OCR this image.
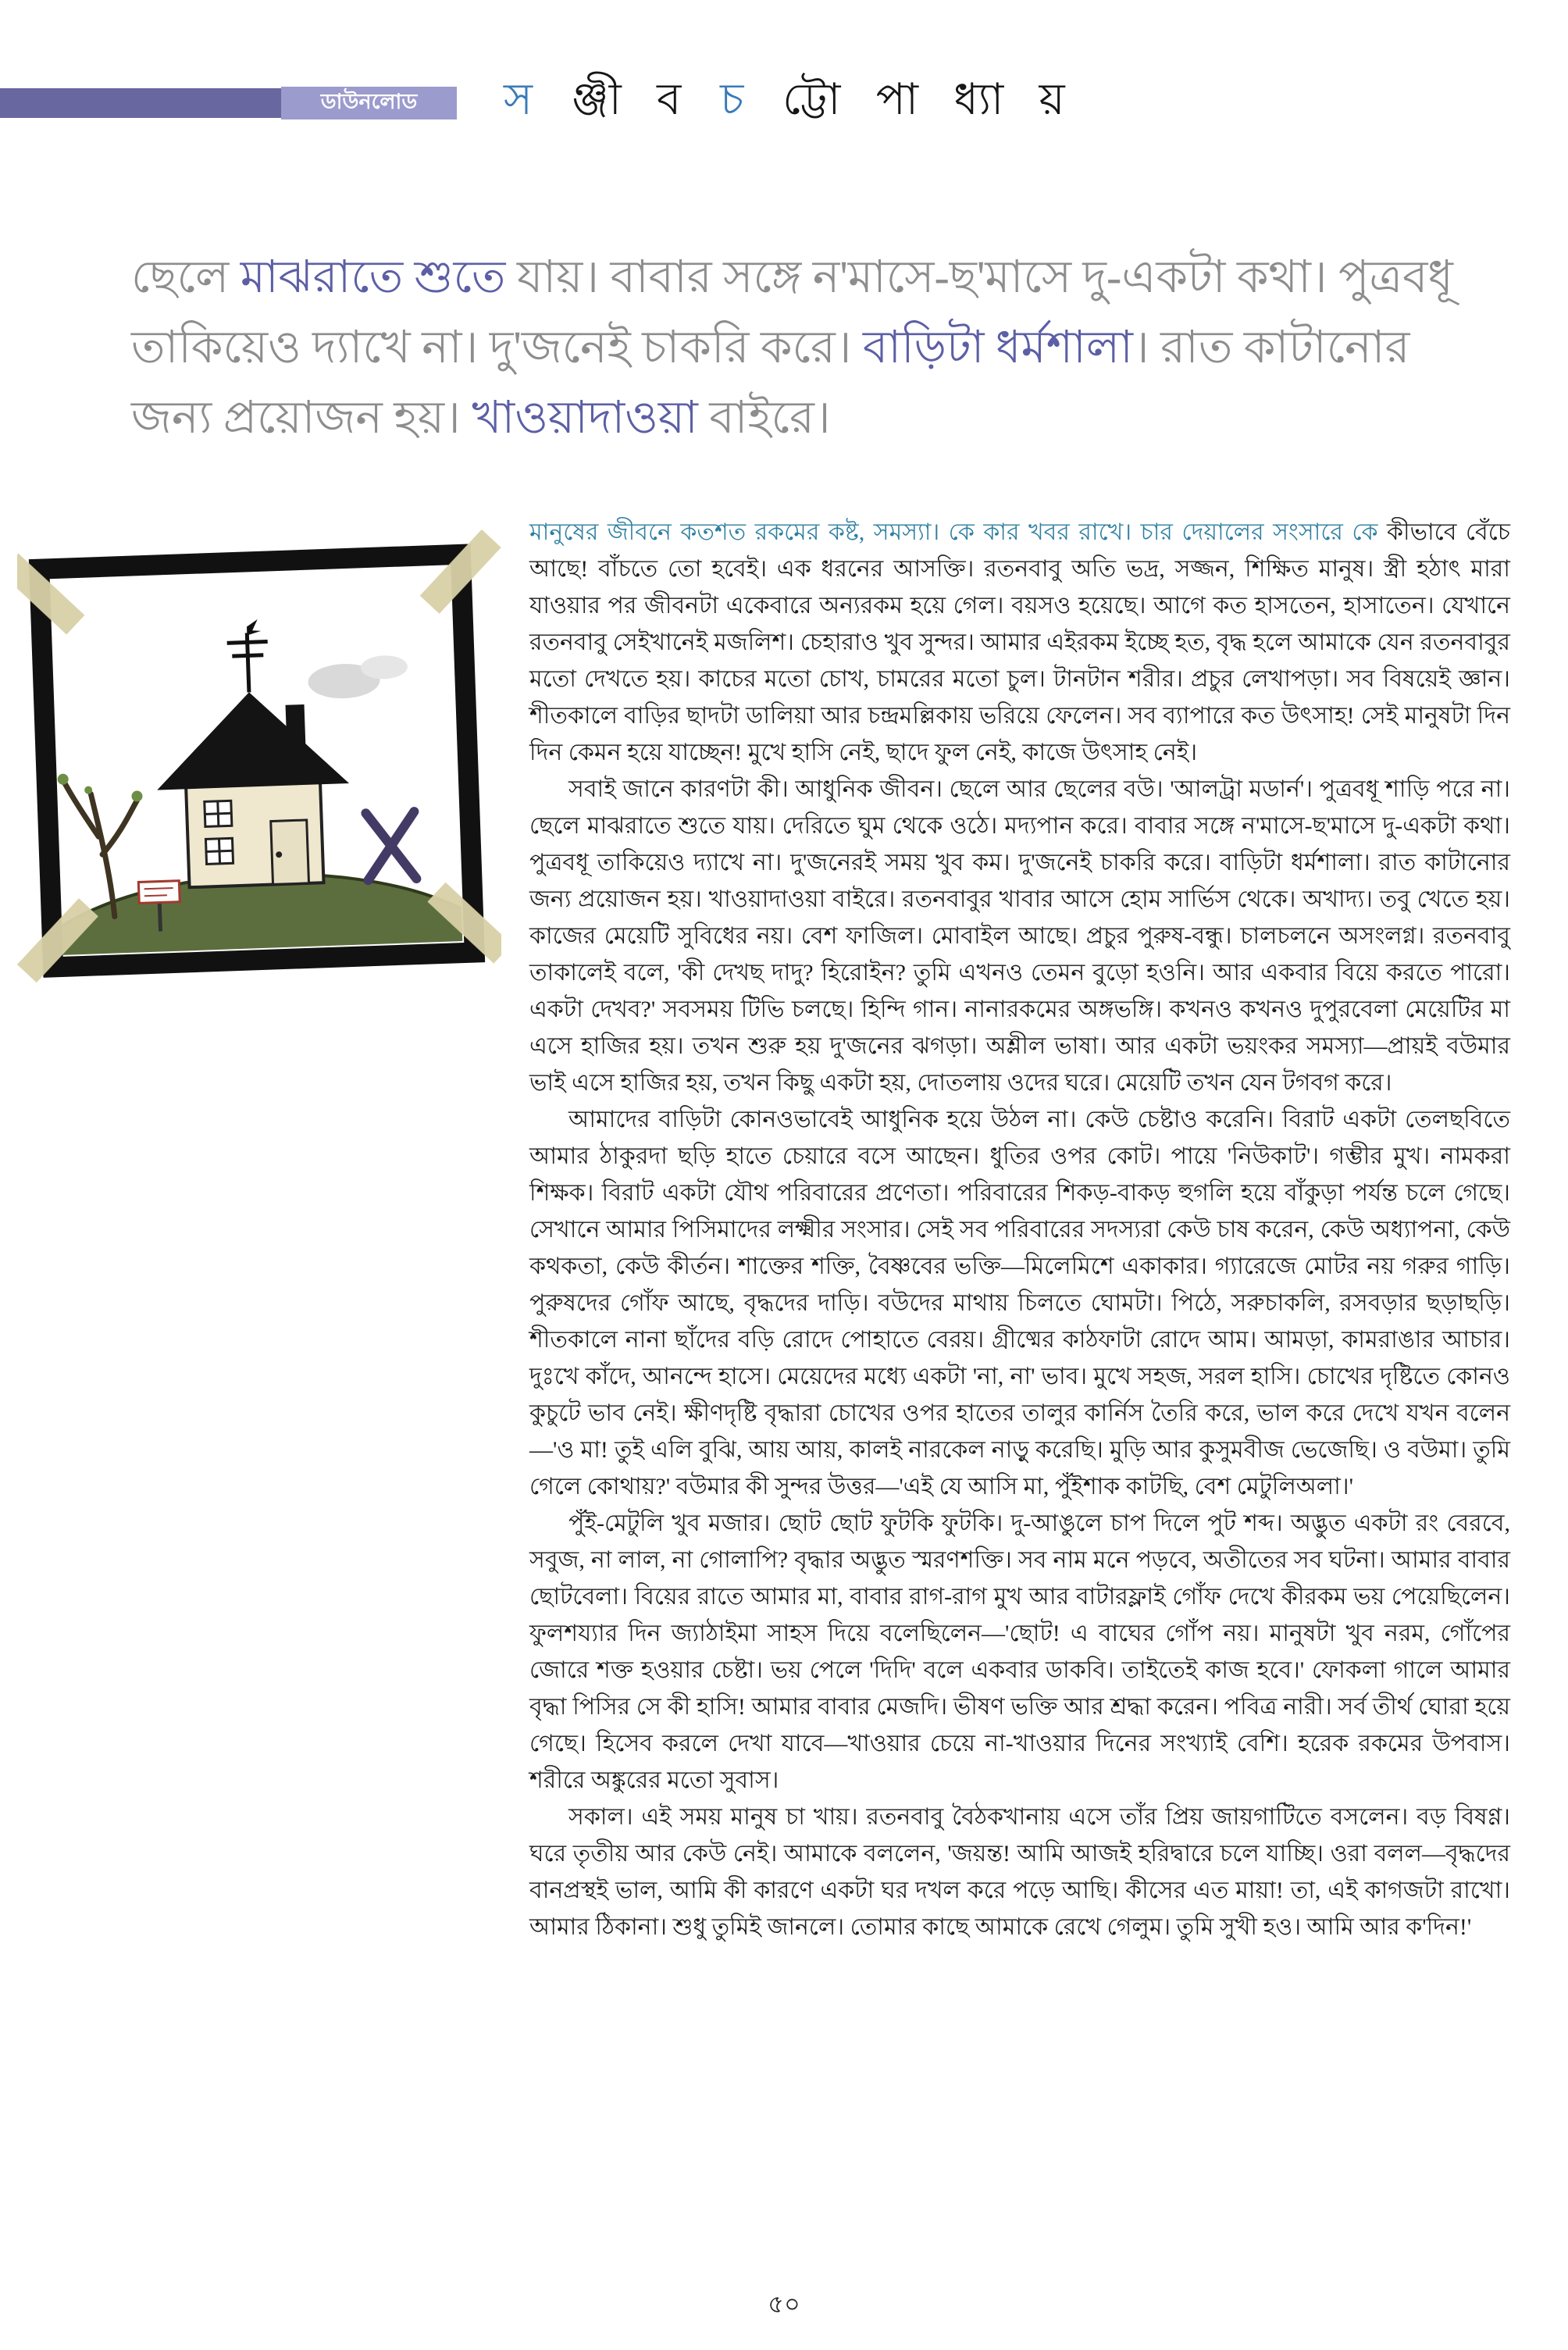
ডাউনলোড স ঞ্জী ব চ ট্টো পা ধ্যা য়
ছেলে মাঝরাতে শুতে যায়। বাবার সঙ্গে ন'মাসে-ছ'মাসে দু-একটা কথা। পুত্রবধূ তাকিয়েও দ্যাখে না। দু'জনেই চাকরি করে। বাড়িটা ধর্মশালা। রাত কাটানোর জন্য প্রয়োজন হয়। খাওয়াদাওয়া বাইরে।

মানুষের জীবনে কতশত রকমের কষ্ট, সমস্যা। কে কার খবর রাখে। চার দেয়ালের সংসারে কে কীভাবে বেঁচে আছে! বাঁচতে তো হবেই। এক ধরনের আসক্তি। রতনবাবু অতি ভদ্র, সজ্জন, শিক্ষিত মানুষ। স্ত্রী হঠাৎ মারা যাওয়ার পর জীবনটা একেবারে অন্যরকম হয়ে গেল। বয়সও হয়েছে। আগে কত হাসতেন, হাসাতেন। যেখানে রতনবাবু সেইখানেই মজলিশ। চেহারাও খুব সুন্দর। আমার এইরকম ইচ্ছে হত, বৃদ্ধ হলে আমাকে যেন রতনবাবুর মতো দেখতে হয়। কাচের মতো চোখ, চামরের মতো চুল। টানটান শরীর। প্রচুর লেখাপড়া। সব বিষয়েই জ্ঞান। শীতকালে বাড়ির ছাদটা ডালিয়া আর চন্দ্রমল্লিকায় ভরিয়ে ফেলেন। সব ব্যাপারে কত উৎসাহ! সেই মানুষটা দিন দিন কেমন হয়ে যাচ্ছেন! মুখে হাসি নেই, ছাদে ফুল নেই, কাজে উৎসাহ নেই।

সবাই জানে কারণটা কী। আধুনিক জীবন। ছেলে আর ছেলের বউ। 'আলট্রা মডার্ন'। পুত্রবধূ শাড়ি পরে না। ছেলে মাঝরাতে শুতে যায়। দেরিতে ঘুম থেকে ওঠে। মদ্যপান করে। বাবার সঙ্গে ন'মাসে-ছ'মাসে দু-একটা কথা। পুত্রবধূ তাকিয়েও দ্যাখে না। দু'জনেরই সময় খুব কম। দু'জনেই চাকরি করে। বাড়িটা ধর্মশালা। রাত কাটানোর জন্য প্রয়োজন হয়। খাওয়াদাওয়া বাইরে। রতনবাবুর খাবার আসে হোম সার্ভিস থেকে। অখাদ্য। তবু খেতে হয়। কাজের মেয়েটি সুবিধের নয়। বেশ ফাজিল। মোবাইল আছে। প্রচুর পুরুষ-বন্ধু। চালচলনে অসংলগ্ন। রতনবাবু তাকালেই বলে, 'কী দেখছ দাদু? হিরোইন? তুমি এখনও তেমন বুড়ো হওনি। আর একবার বিয়ে করতে পারো। একটা দেখব?' সবসময় টিভি চলছে। হিন্দি গান। নানারকমের অঙ্গভঙ্গি। কখনও কখনও দুপুরবেলা মেয়েটির মা এসে হাজির হয়। তখন শুরু হয় দু'জনের ঝগড়া। অশ্লীল ভাষা। আর একটা ভয়ংকর সমস্যা—প্রায়ই বউমার ভাই এসে হাজির হয়, তখন কিছু একটা হয়, দোতলায় ওদের ঘরে। মেয়েটি তখন যেন টগবগ করে।

আমাদের বাড়িটা কোনওভাবেই আধুনিক হয়ে উঠল না। কেউ চেষ্টাও করেনি। বিরাট একটা তেলছবিতে আমার ঠাকুরদা ছড়ি হাতে চেয়ারে বসে আছেন। ধুতির ওপর কোট। পায়ে 'নিউকাট'। গম্ভীর মুখ। নামকরা শিক্ষক। বিরাট একটা যৌথ পরিবারের প্রণেতা। পরিবারের শিকড়-বাকড় হুগলি হয়ে বাঁকুড়া পর্যন্ত চলে গেছে। সেখানে আমার পিসিমাদের লক্ষ্মীর সংসার। সেই সব পরিবারের সদস্যরা কেউ চাষ করেন, কেউ অধ্যাপনা, কেউ কথকতা, কেউ কীর্তন। শাক্তের শক্তি, বৈষ্ণবের ভক্তি—মিলেমিশে একাকার। গ্যারেজে মোটর নয় গরুর গাড়ি। পুরুষদের গোঁফ আছে, বৃদ্ধদের দাড়ি। বউদের মাথায় চিলতে ঘোমটা। পিঠে, সরুচাকলি, রসবড়ার ছড়াছড়ি। শীতকালে নানা ছাঁদের বড়ি রোদে পোহাতে বেরয়। গ্রীষ্মের কাঠফাটা রোদে আম। আমড়া, কামরাঙার আচার। দুঃখে কাঁদে, আনন্দে হাসে। মেয়েদের মধ্যে একটা 'না, না' ভাব। মুখে সহজ, সরল হাসি। চোখের দৃষ্টিতে কোনও কুচুটে ভাব নেই। ক্ষীণদৃষ্টি বৃদ্ধারা চোখের ওপর হাতের তালুর কার্নিস তৈরি করে, ভাল করে দেখে যখন বলেন—'ও মা! তুই এলি বুঝি, আয় আয়, কালই নারকেল নাড়ু করেছি। মুড়ি আর কুসুমবীজ ভেজেছি। ও বউমা। তুমি গেলে কোথায়?' বউমার কী সুন্দর উত্তর—'এই যে আসি মা, পুঁইশাক কাটছি, বেশ মেটুলিঅলা।'

পুঁই-মেটুলি খুব মজার। ছোট ছোট ফুটকি ফুটকি। দু-আঙুলে চাপ দিলে পুট শব্দ। অদ্ভুত একটা রং বেরবে, সবুজ, না লাল, না গোলাপি? বৃদ্ধার অদ্ভুত স্মরণশক্তি। সব নাম মনে পড়বে, অতীতের সব ঘটনা। আমার বাবার ছোটবেলা। বিয়ের রাতে আমার মা, বাবার রাগ-রাগ মুখ আর বাটারফ্লাই গোঁফ দেখে কীরকম ভয় পেয়েছিলেন। ফুলশয্যার দিন জ্যাঠাইমা সাহস দিয়ে বলেছিলেন—'ছোট! এ বাঘের গোঁপ নয়। মানুষটা খুব নরম, গোঁপের জোরে শক্ত হওয়ার চেষ্টা। ভয় পেলে 'দিদি' বলে একবার ডাকবি। তাইতেই কাজ হবে।' ফোকলা গালে আমার বৃদ্ধা পিসির সে কী হাসি! আমার বাবার মেজদি। ভীষণ ভক্তি আর শ্রদ্ধা করেন। পবিত্র নারী। সর্ব তীর্থ ঘোরা হয়ে গেছে। হিসেব করলে দেখা যাবে—খাওয়ার চেয়ে না-খাওয়ার দিনের সংখ্যাই বেশি। হরেক রকমের উপবাস। শরীরে অঙ্কুরের মতো সুবাস।

সকাল। এই সময় মানুষ চা খায়। রতনবাবু বৈঠকখানায় এসে তাঁর প্রিয় জায়গাটিতে বসলেন। বড় বিষণ্ণ। ঘরে তৃতীয় আর কেউ নেই। আমাকে বললেন, 'জয়ন্ত! আমি আজই হরিদ্বারে চলে যাচ্ছি। ওরা বলল—বৃদ্ধদের বানপ্রস্থই ভাল, আমি কী কারণে একটা ঘর দখল করে পড়ে আছি। কীসের এত মায়া! তা, এই কাগজটা রাখো। আমার ঠিকানা। শুধু তুমিই জানলে। তোমার কাছে আমাকে রেখে গেলুম। তুমি সুখী হও। আমি আর ক'দিন!'

৫০
